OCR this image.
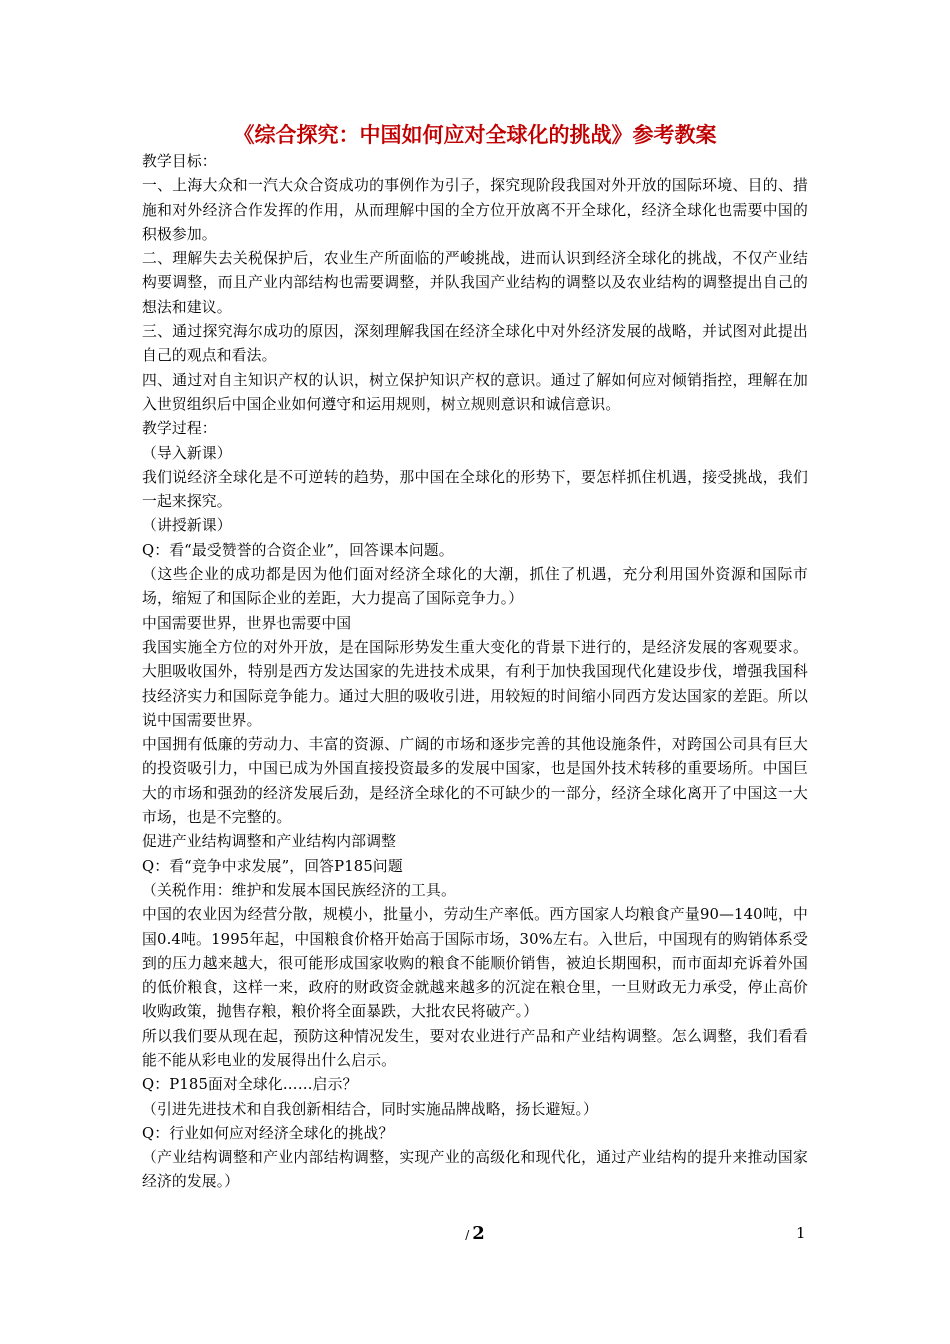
《综合探究：中国如何应对全球化的挑战》参考教案

教学目标：

一、上海大众和一汽大众合资成功的事例作为引子，探究现阶段我国对外开放的国际环境、目的、措施和对外经济合作发挥的作用，从而理解中国的全方位开放离不开全球化，经济全球化也需要中国的积极参加。

二、理解失去关税保护后，农业生产所面临的严峻挑战，进而认识到经济全球化的挑战，不仅产业结构要调整，而且产业内部结构也需要调整，并队我国产业结构的调整以及农业结构的调整提出自己的想法和建议。

三、通过探究海尔成功的原因，深刻理解我国在经济全球化中对外经济发展的战略，并试图对此提出自己的观点和看法。

四、通过对自主知识产权的认识，树立保护知识产权的意识。通过了解如何应对倾销指控，理解在加入世贸组织后中国企业如何遵守和运用规则，树立规则意识和诚信意识。

教学过程：

（导入新课）

我们说经济全球化是不可逆转的趋势，那中国在全球化的形势下，要怎样抓住机遇，接受挑战，我们一起来探究。

（讲授新课）

Q：看“最受赞誉的合资企业”，回答课本问题。

（这些企业的成功都是因为他们面对经济全球化的大潮，抓住了机遇，充分利用国外资源和国际市场，缩短了和国际企业的差距，大力提高了国际竞争力。）

中国需要世界，世界也需要中国

我国实施全方位的对外开放，是在国际形势发生重大变化的背景下进行的，是经济发展的客观要求。大胆吸收国外，特别是西方发达国家的先进技术成果，有利于加快我国现代化建设步伐，增强我国科技经济实力和国际竞争能力。通过大胆的吸收引进，用较短的时间缩小同西方发达国家的差距。所以说中国需要世界。

中国拥有低廉的劳动力、丰富的资源、广阔的市场和逐步完善的其他设施条件，对跨国公司具有巨大的投资吸引力，中国已成为外国直接投资最多的发展中国家，也是国外技术转移的重要场所。中国巨大的市场和强劲的经济发展后劲，是经济全球化的不可缺少的一部分，经济全球化离开了中国这一大市场，也是不完整的。

促进产业结构调整和产业结构内部调整

Q：看“竞争中求发展”，回答P185问题

（关税作用：维护和发展本国民族经济的工具。

中国的农业因为经营分散，规模小，批量小，劳动生产率低。西方国家人均粮食产量90—140吨，中国0.4吨。1995年起，中国粮食价格开始高于国际市场，30%左右。入世后，中国现有的购销体系受到的压力越来越大，很可能形成国家收购的粮食不能顺价销售，被迫长期囤积，而市面却充诉着外国的低价粮食，这样一来，政府的财政资金就越来越多的沉淀在粮仓里，一旦财政无力承受，停止高价收购政策，抛售存粮，粮价将全面暴跌，大批农民将破产。）

所以我们要从现在起，预防这种情况发生，要对农业进行产品和产业结构调整。怎么调整，我们看看能不能从彩电业的发展得出什么启示。

Q：P185面对全球化……启示？

（引进先进技术和自我创新相结合，同时实施品牌战略，扬长避短。）

Q：行业如何应对经济全球化的挑战？

（产业结构调整和产业内部结构调整，实现产业的高级化和现代化，通过产业结构的提升来推动国家经济的发展。）

/ 2	1
